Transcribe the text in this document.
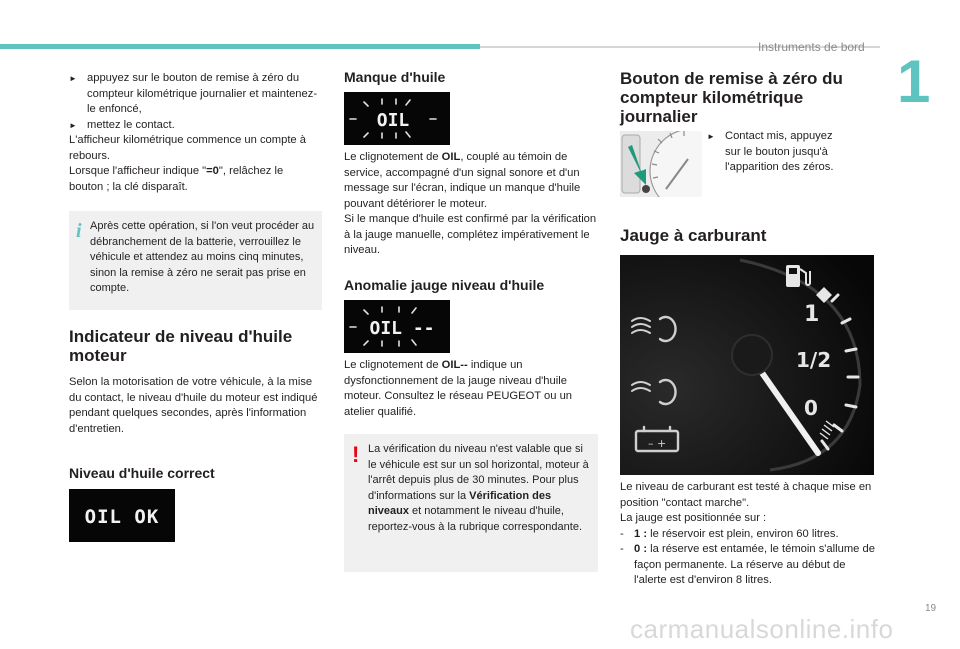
Instruments de bord
1

► appuyez sur le bouton de remise à zéro du compteur kilométrique journalier et maintenez-le enfoncé,

► mettez le contact.

L'afficheur kilométrique commence un compte à rebours.

Lorsque l'afficheur indique "=0", relâchez le bouton ; la clé disparaît.

i Après cette opération, si l'on veut procéder au débranchement de la batterie, verrouillez le véhicule et attendez au moins cinq minutes, sinon la remise à zéro ne serait pas prise en compte.

Indicateur de niveau d'huile moteur

Selon la motorisation de votre véhicule, à la mise du contact, le niveau d'huile du moteur est indiqué pendant quelques secondes, après l'information d'entretien.

Niveau d'huile correct
OIL OK
Manque d'huile
OIL

Le clignotement de OIL, couplé au témoin de service, accompagné d'un signal sonore et d'un message sur l'écran, indique un manque d'huile pouvant détériorer le moteur.

Si le manque d'huile est confirmé par la vérification à la jauge manuelle, complétez impérativement le niveau.

Anomalie jauge niveau d'huile
OIL --

Le clignotement de OIL-- indique un dysfonctionnement de la jauge niveau d'huile moteur. Consultez le réseau PEUGEOT ou un atelier qualifié.

! La vérification du niveau n'est valable que si le véhicule est sur un sol horizontal, moteur à l'arrêt depuis plus de 30 minutes. Pour plus d'informations sur la Vérification des niveaux et notamment le niveau d'huile, reportez-vous à la rubrique correspondante.

Bouton de remise à zéro du compteur kilométrique journalier

► Contact mis, appuyez sur le bouton jusqu'à l'apparition des zéros.

Jauge à carburant
– +
1
1/2
0

Le niveau de carburant est testé à chaque mise en position "contact marche".

La jauge est positionnée sur :

- 1 : le réservoir est plein, environ 60 litres.

- 0 : la réserve est entamée, le témoin s'allume de façon permanente. La réserve au début de l'alerte est d'environ 8 litres.

19
carmanualsonline.info
